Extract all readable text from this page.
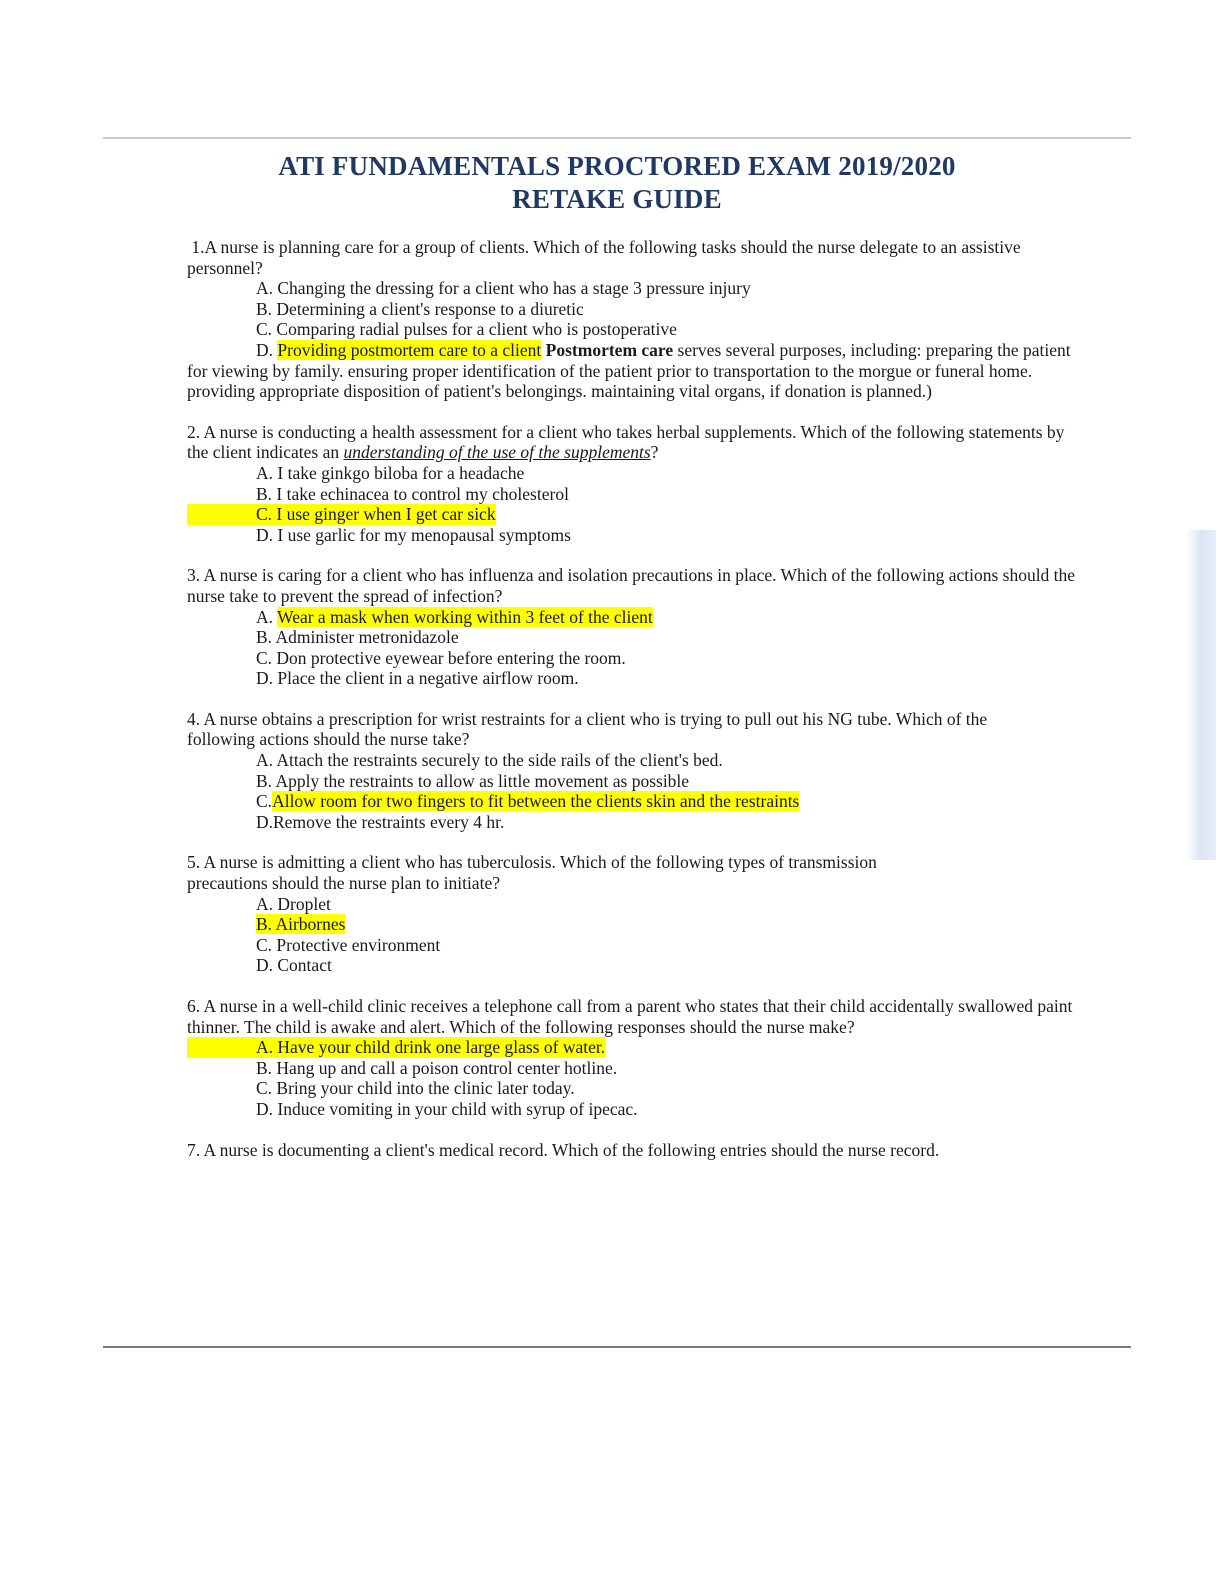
ATI FUNDAMENTALS PROCTORED EXAM 2019/2020
RETAKE GUIDE

1.A nurse is planning care for a group of clients. Which of the following tasks should the nurse delegate to an assistive personnel?

A. Changing the dressing for a client who has a stage 3 pressure injury
B. Determining a client's response to a diuretic
C. Comparing radial pulses for a client who is postoperative
D. Providing postmortem care to a client Postmortem care serves several purposes, including: preparing the patient for viewing by family. ensuring proper identification of the patient prior to transportation to the morgue or funeral home. providing appropriate disposition of patient's belongings. maintaining vital organs, if donation is planned.)

2. A nurse is conducting a health assessment for a client who takes herbal supplements. Which of the following statements by the client indicates an understanding of the use of the supplements?

A. I take ginkgo biloba for a headache
B. I take echinacea to control my cholesterol
C. I use ginger when I get car sick
D. I use garlic for my menopausal symptoms

3. A nurse is caring for a client who has influenza and isolation precautions in place. Which of the following actions should the nurse take to prevent the spread of infection?

A. Wear a mask when working within 3 feet of the client
B. Administer metronidazole
C. Don protective eyewear before entering the room.
D. Place the client in a negative airflow room.

4. A nurse obtains a prescription for wrist restraints for a client who is trying to pull out his NG tube. Which of the following actions should the nurse take?

A. Attach the restraints securely to the side rails of the client's bed.
B. Apply the restraints to allow as little movement as possible
C.Allow room for two fingers to fit between the clients skin and the restraints
D.Remove the restraints every 4 hr.

5. A nurse is admitting a client who has tuberculosis. Which of the following types of transmission precautions should the nurse plan to initiate?

A. Droplet
B. Airbornes
C. Protective environment
D. Contact

6. A nurse in a well-child clinic receives a telephone call from a parent who states that their child accidentally swallowed paint thinner. The child is awake and alert. Which of the following responses should the nurse make?

A. Have your child drink one large glass of water.
B. Hang up and call a poison control center hotline.
C. Bring your child into the clinic later today.
D. Induce vomiting in your child with syrup of ipecac.

7. A nurse is documenting a client's medical record. Which of the following entries should the nurse record.
